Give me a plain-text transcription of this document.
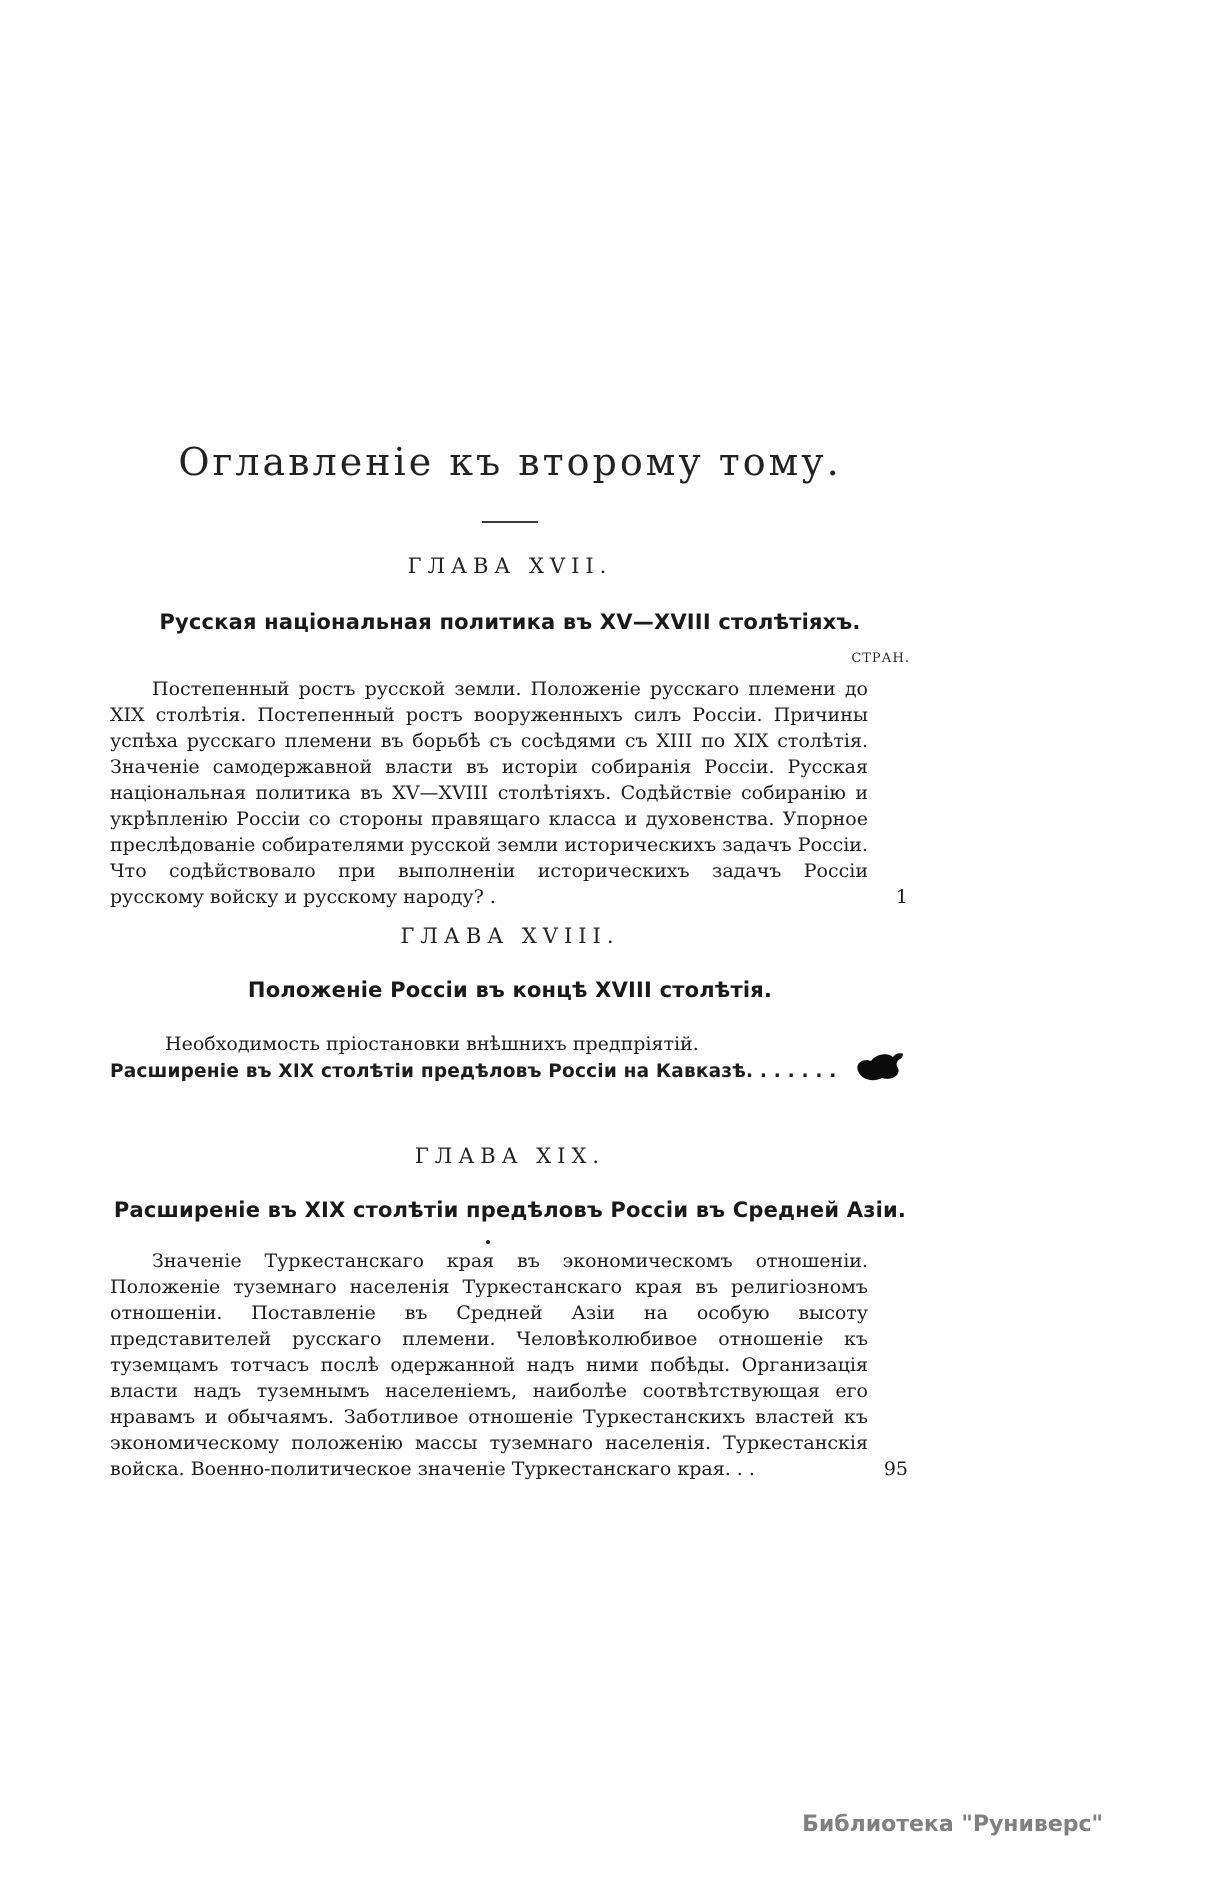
Оглавленіе къ второму тому.
ГЛАВА XVII.
Русская національная политика въ XV—XVIII столѣтіяхъ.
СТРАН.
Постепенный ростъ русской земли. Положеніе русскаго племени до XIX столѣтія. Постепенный ростъ вооруженныхъ силъ Россіи. Причины успѣха русскаго племени въ борьбѣ съ сосѣдями съ XIII по XIX столѣтія. Значеніе самодержавной власти въ исторіи собиранія Россіи. Русская національная политика въ XV—XVIII столѣтіяхъ. Содѣйствіе собиранію и укрѣпленію Россіи со стороны правящаго класса и духовенства. Упорное преслѣдованіе собирателями русской земли историческихъ задачъ Россіи. Что содѣйствовало при выполненіи историческихъ задачъ Россіи русскому войску и русскому народу? .	1
ГЛАВА XVIII.
Положеніе Россіи въ концѣ XVIII столѣтія.
Необходимость пріостановки внѣшнихъ предпріятій.
Расширеніе въ XIX столѣтіи предѣловъ Россіи на Кавказѣ. . . . . . .
ГЛАВА XIX.
Расширеніе въ XIX столѣтіи предѣловъ Россіи въ Средней Азіи.
Значеніе Туркестанскаго края въ экономическомъ отношеніи. Положеніе туземнаго населенія Туркестанскаго края въ религіозномъ отношеніи. Поставленіе въ Средней Азіи на особую высоту представителей русскаго племени. Человѣколюбивое отношеніе къ туземцамъ тотчасъ послѣ одержанной надъ ними побѣды. Организація власти надъ туземнымъ населеніемъ, наиболѣе соотвѣтствующая его нравамъ и обычаямъ. Заботливое отношеніе Туркестанскихъ властей къ экономическому положенію массы туземнаго населенія. Туркестанскія войска. Военно-политическое значеніе Туркестанскаго края. . .	95
Библиотека "Руниверс"
